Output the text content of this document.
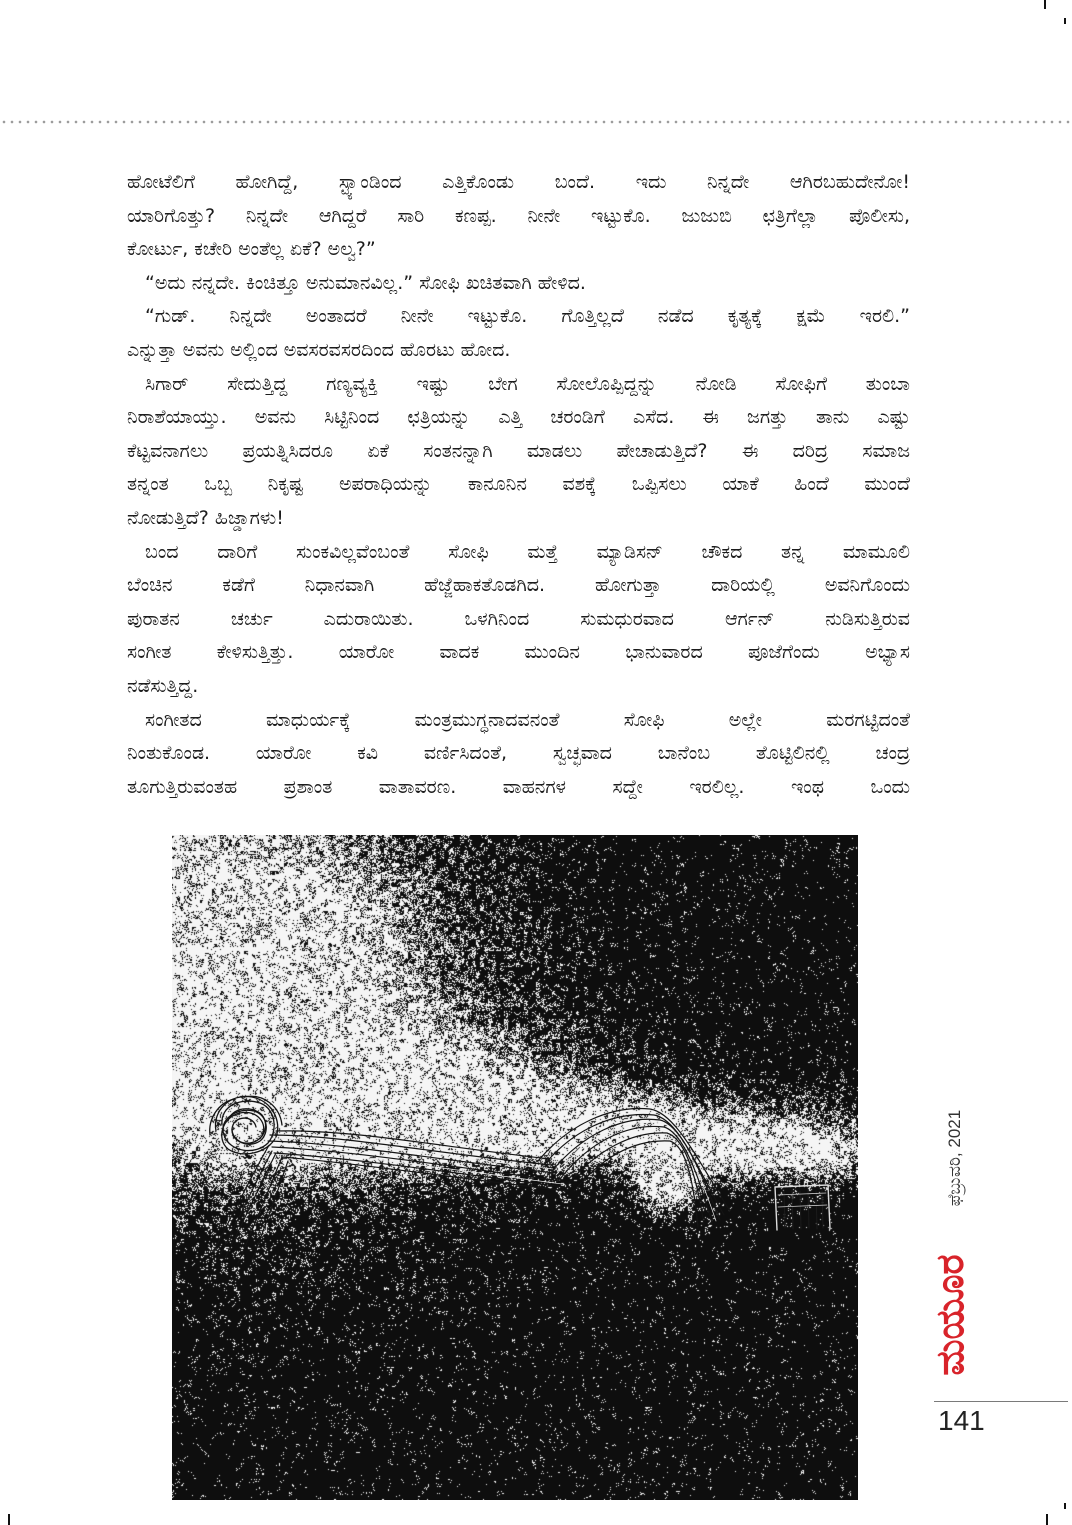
ಹೋಟೆಲಿಗೆ ಹೋಗಿದ್ದೆ, ಸ್ಟ್ಯಾಂಡಿಂದ ಎತ್ತಿಕೊಂಡು ಬಂದೆ. ಇದು ನಿನ್ನದೇ ಆಗಿರಬಹುದೇನೋ!
ಯಾರಿಗೊತ್ತು? ನಿನ್ನದೇ ಆಗಿದ್ದರೆ ಸಾರಿ ಕಣಪ್ಪ. ನೀನೇ ಇಟ್ಟುಕೊ. ಜುಜುಬಿ ಛತ್ರಿಗೆಲ್ಲಾ ಪೊಲೀಸು,
ಕೋರ್ಟು, ಕಚೇರಿ ಅಂತೆಲ್ಲ ಏಕೆ? ಅಲ್ವ?”
“ಅದು ನನ್ನದೇ. ಕಿಂಚಿತ್ತೂ ಅನುಮಾನವಿಲ್ಲ.” ಸೋಫಿ ಖಚಿತವಾಗಿ ಹೇಳಿದ.
“ಗುಡ್. ನಿನ್ನದೇ ಅಂತಾದರೆ ನೀನೇ ಇಟ್ಟುಕೊ. ಗೊತ್ತಿಲ್ಲದೆ ನಡೆದ ಕೃತ್ಯಕ್ಕೆ ಕ್ಷಮೆ ಇರಲಿ.”
ಎನ್ನುತ್ತಾ ಅವನು ಅಲ್ಲಿಂದ ಅವಸರವಸರದಿಂದ ಹೊರಟು ಹೋದ.
ಸಿಗಾರ್ ಸೇದುತ್ತಿದ್ದ ಗಣ್ಯವ್ಯಕ್ತಿ ಇಷ್ಟು ಬೇಗ ಸೋಲೊಪ್ಪಿದ್ದನ್ನು ನೋಡಿ ಸೋಫಿಗೆ ತುಂಬಾ
ನಿರಾಶೆಯಾಯ್ತು. ಅವನು ಸಿಟ್ಟಿನಿಂದ ಛತ್ರಿಯನ್ನು ಎತ್ತಿ ಚರಂಡಿಗೆ ಎಸೆದ. ಈ ಜಗತ್ತು ತಾನು ಎಷ್ಟು
ಕೆಟ್ಟವನಾಗಲು ಪ್ರಯತ್ನಿಸಿದರೂ ಏಕೆ ಸಂತನನ್ನಾಗಿ ಮಾಡಲು ಪೇಚಾಡುತ್ತಿದೆ? ಈ ದರಿದ್ರ ಸಮಾಜ
ತನ್ನಂತ ಒಬ್ಬ ನಿಕೃಷ್ಟ ಅಪರಾಧಿಯನ್ನು ಕಾನೂನಿನ ವಶಕ್ಕೆ ಒಪ್ಪಿಸಲು ಯಾಕೆ ಹಿಂದೆ ಮುಂದೆ
ನೋಡುತ್ತಿದೆ? ಹಿಜ್ಡಾಗಳು!
ಬಂದ ದಾರಿಗೆ ಸುಂಕವಿಲ್ಲವೆಂಬಂತೆ ಸೋಫಿ ಮತ್ತೆ ಮ್ಯಾಡಿಸನ್ ಚೌಕದ ತನ್ನ ಮಾಮೂಲಿ
ಬೆಂಚಿನ ಕಡೆಗೆ ನಿಧಾನವಾಗಿ ಹೆಜ್ಜೆಹಾಕತೊಡಗಿದ. ಹೋಗುತ್ತಾ ದಾರಿಯಲ್ಲಿ ಅವನಿಗೊಂದು
ಪುರಾತನ ಚರ್ಚು ಎದುರಾಯಿತು. ಒಳಗಿನಿಂದ ಸುಮಧುರವಾದ ಆರ್ಗನ್ ನುಡಿಸುತ್ತಿರುವ
ಸಂಗೀತ ಕೇಳಿಸುತ್ತಿತ್ತು. ಯಾರೋ ವಾದಕ ಮುಂದಿನ ಭಾನುವಾರದ ಪೂಜೆಗೆಂದು ಅಭ್ಯಾಸ
ನಡೆಸುತ್ತಿದ್ದ.
ಸಂಗೀತದ ಮಾಧುರ್ಯಕ್ಕೆ ಮಂತ್ರಮುಗ್ಧನಾದವನಂತೆ ಸೋಫಿ ಅಲ್ಲೇ ಮರಗಟ್ಟಿದಂತೆ
ನಿಂತುಕೊಂಡ. ಯಾರೋ ಕವಿ ವರ್ಣಿಸಿದಂತೆ, ಸ್ವಚ್ಛವಾದ ಬಾನೆಂಬ ತೊಟ್ಟಿಲಿನಲ್ಲಿ ಚಂದ್ರ
ತೂಗುತ್ತಿರುವಂತಹ ಪ್ರಶಾಂತ ವಾತಾವರಣ. ವಾಹನಗಳ ಸದ್ದೇ ಇರಲಿಲ್ಲ. ಇಂಥ ಒಂದು
ಫೆಬ್ರುವರಿ, 2021
ಮಯೂರ
141
